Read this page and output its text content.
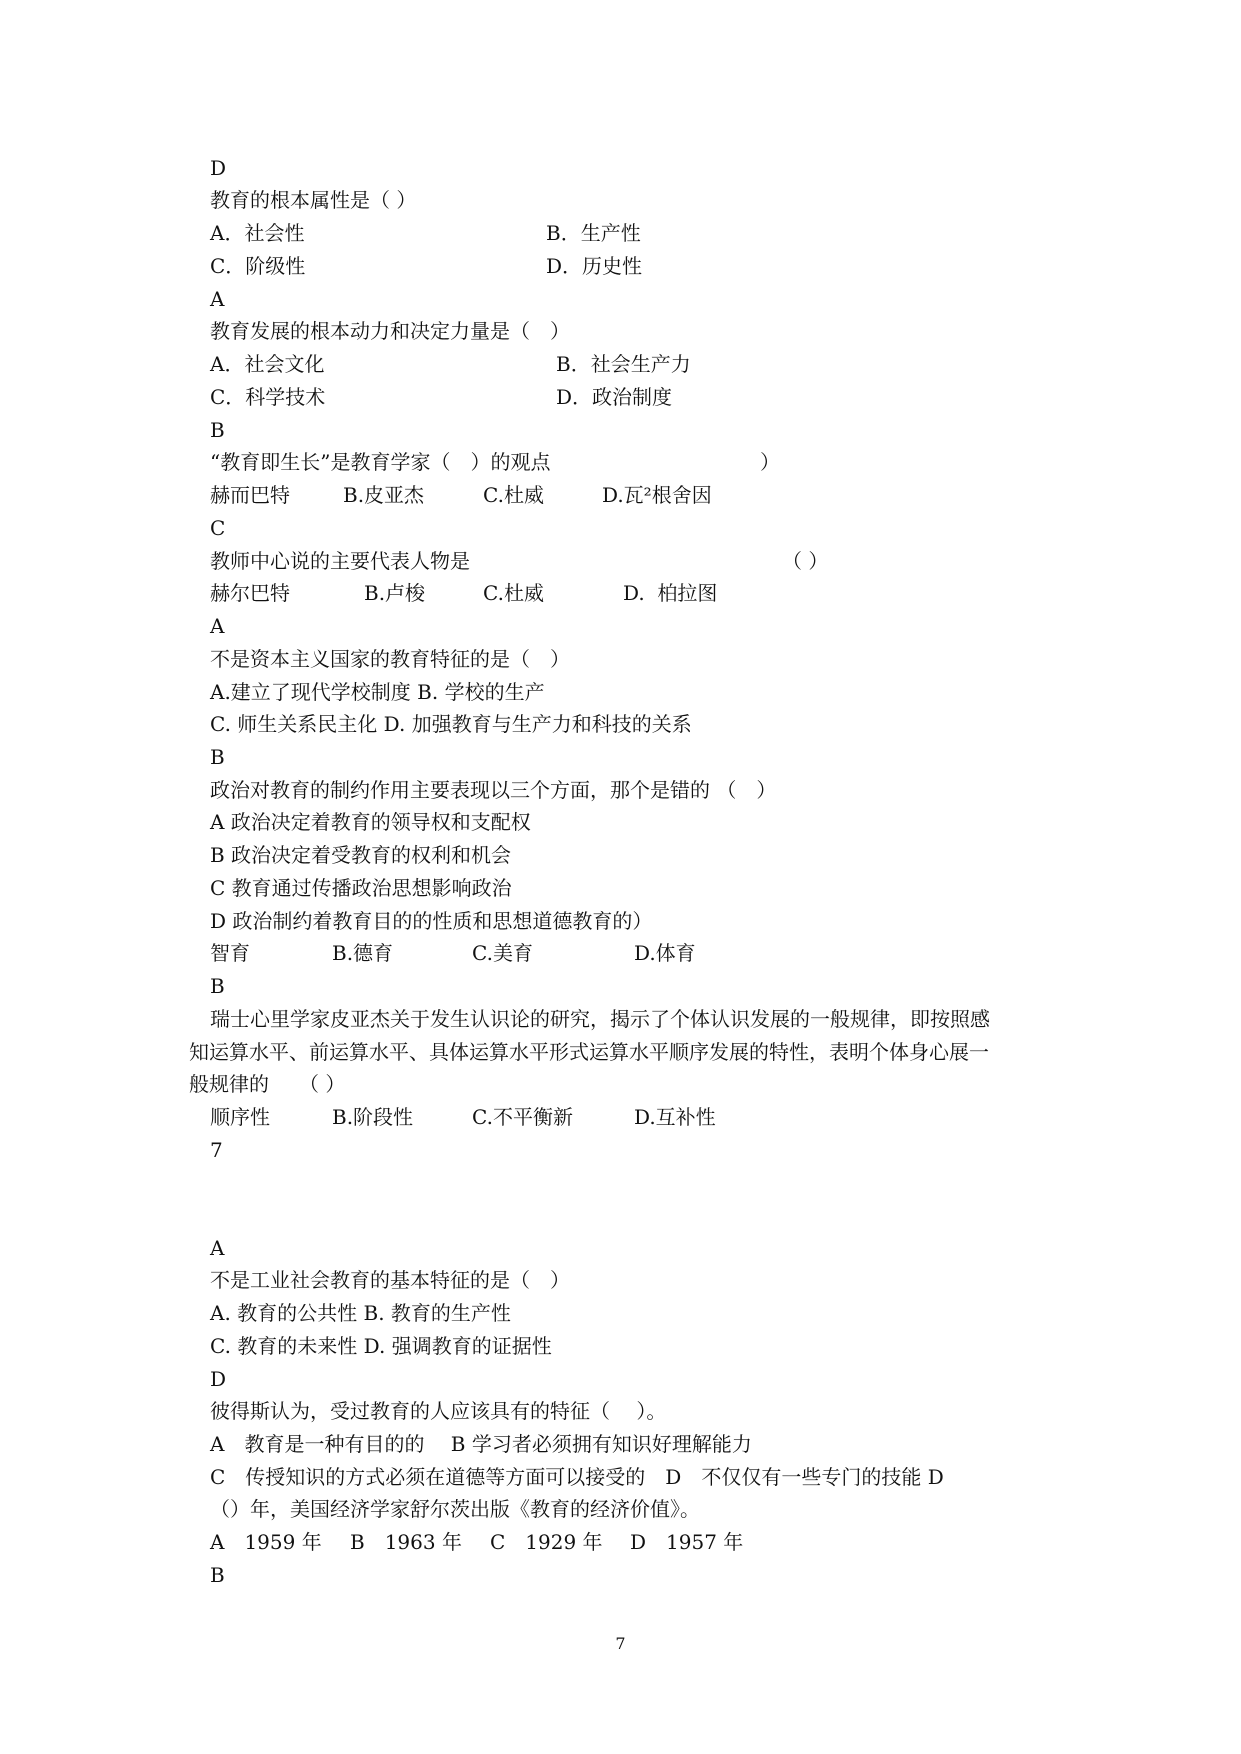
D
教育的根本属性是（ ）
A．社会性	B．生产性
C．阶级性	D．历史性
A
教育发展的根本动力和决定力量是（　）
A．社会文化	B．社会生产力
C．科学技术	D．政治制度
B
“教育即生长”是教育学家（　）的观点	）
赫而巴特	B.皮亚杰	C.杜威	D.瓦²根舍因
C
教师中心说的主要代表人物是	（ ）
赫尔巴特	B.卢梭	C.杜威	D.  柏拉图
A
不是资本主义国家的教育特征的是（　）
A.建立了现代学校制度 B. 学校的生产
C. 师生关系民主化 D. 加强教育与生产力和科技的关系
B
政治对教育的制约作用主要表现以三个方面，那个是错的 （　）
A 政治决定着教育的领导权和支配权
B 政治决定着受教育的权利和机会
C 教育通过传播政治思想影响政治
D 政治制约着教育目的的性质和思想道德教育的）
智育	B.德育	C.美育	D.体育
B
瑞士心里学家皮亚杰关于发生认识论的研究，揭示了个体认识发展的一般规律，即按照感
知运算水平、前运算水平、具体运算水平形式运算水平顺序发展的特性，表明个体身心展一
般规律的　　（ ）
顺序性	B.阶段性	C.不平衡新	D.互补性
7
A
不是工业社会教育的基本特征的是（　）
A. 教育的公共性 B. 教育的生产性
C. 教育的未来性 D. 强调教育的证据性
D
彼得斯认为，受过教育的人应该具有的特征（　 ）。
A　教育是一种有目的的　 B 学习者必须拥有知识好理解能力
C　传授知识的方式必须在道德等方面可以接受的　D　不仅仅有一些专门的技能 D
（）年，美国经济学家舒尔茨出版《教育的经济价值》。
A　1959 年 B　1963 年 C　1929 年 D　1957 年
B
7
